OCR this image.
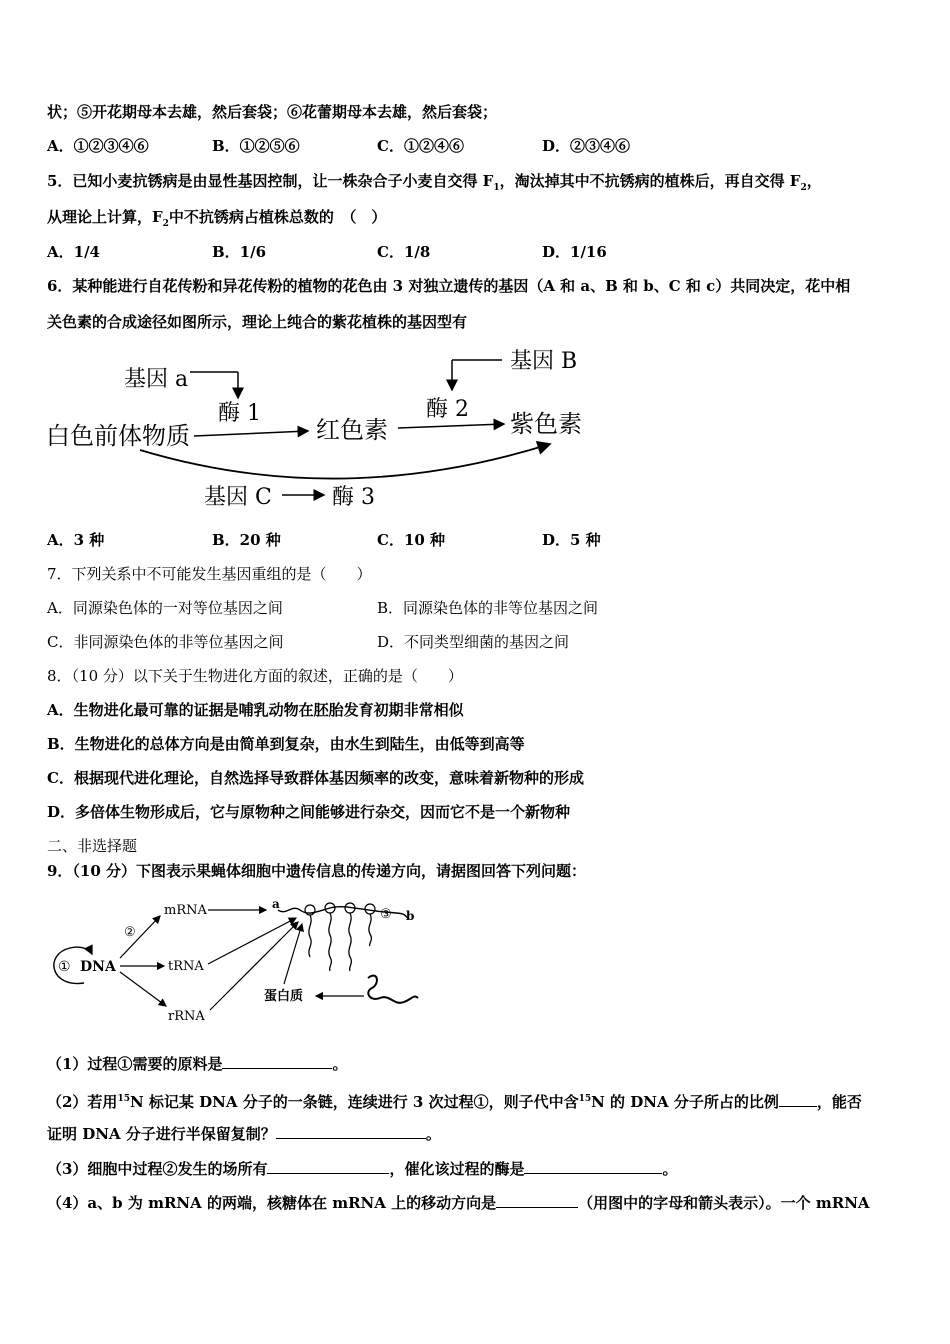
状；⑤开花期母本去雄，然后套袋；⑥花蕾期母本去雄，然后套袋；
A．①②③④⑥	B．①②⑤⑥	C．①②④⑥	D．②③④⑥
5．已知小麦抗锈病是由显性基因控制，让一株杂合子小麦自交得 $F_1$，淘汰掉其中不抗锈病的植株后，再自交得 $F_2$，
从理论上计算，$F_2$中不抗锈病占植株总数的　（　）
A．1/4	B．1/6	C．1/8	D．1/16
6．某种能进行自花传粉和异花传粉的植物的花色由 3 对独立遗传的基因（A 和 a、B 和 b、C 和 c）共同决定，花中相
关色素的合成途径如图所示，理论上纯合的紫花植株的基因型有
基因 a
酶 1
白色前体物质	红色素
基因 B
酶 2
紫色素
基因 C	酶 3
A．3 种	B．20 种	C．10 种	D．5 种
7．下列关系中不可能发生基因重组的是（　　）
A．同源染色体的一对等位基因之间	B．同源染色体的非等位基因之间
C．非同源染色体的非等位基因之间	D．不同类型细菌的基因之间
8．（10 分）以下关于生物进化方面的叙述，正确的是（　　）
A．生物进化最可靠的证据是哺乳动物在胚胎发育初期非常相似
B．生物进化的总体方向是由简单到复杂，由水生到陆生，由低等到高等
C．根据现代进化理论，自然选择导致群体基因频率的改变，意味着新物种的形成
D．多倍体生物形成后，它与原物种之间能够进行杂交，因而它不是一个新物种
二、非选择题
9．（10 分）下图表示果蝇体细胞中遗传信息的传递方向，请据图回答下列问题：
① DNA
②
mRNA
tRNA
rRNA
a
③ b
蛋白质
（1）过程①需要的原料是	。
（2）若用$^{15}$N 标记某 DNA 分子的一条链，连续进行 3 次过程①，则子代中含$^{15}$N 的 DNA 分子所占的比例	，能否
证明 DNA 分子进行半保留复制？	。
（3）细胞中过程②发生的场所有	，催化该过程的酶是	。
（4）a、b 为 mRNA 的两端，核糖体在 mRNA 上的移动方向是	（用图中的字母和箭头表示）。一个 mRNA
